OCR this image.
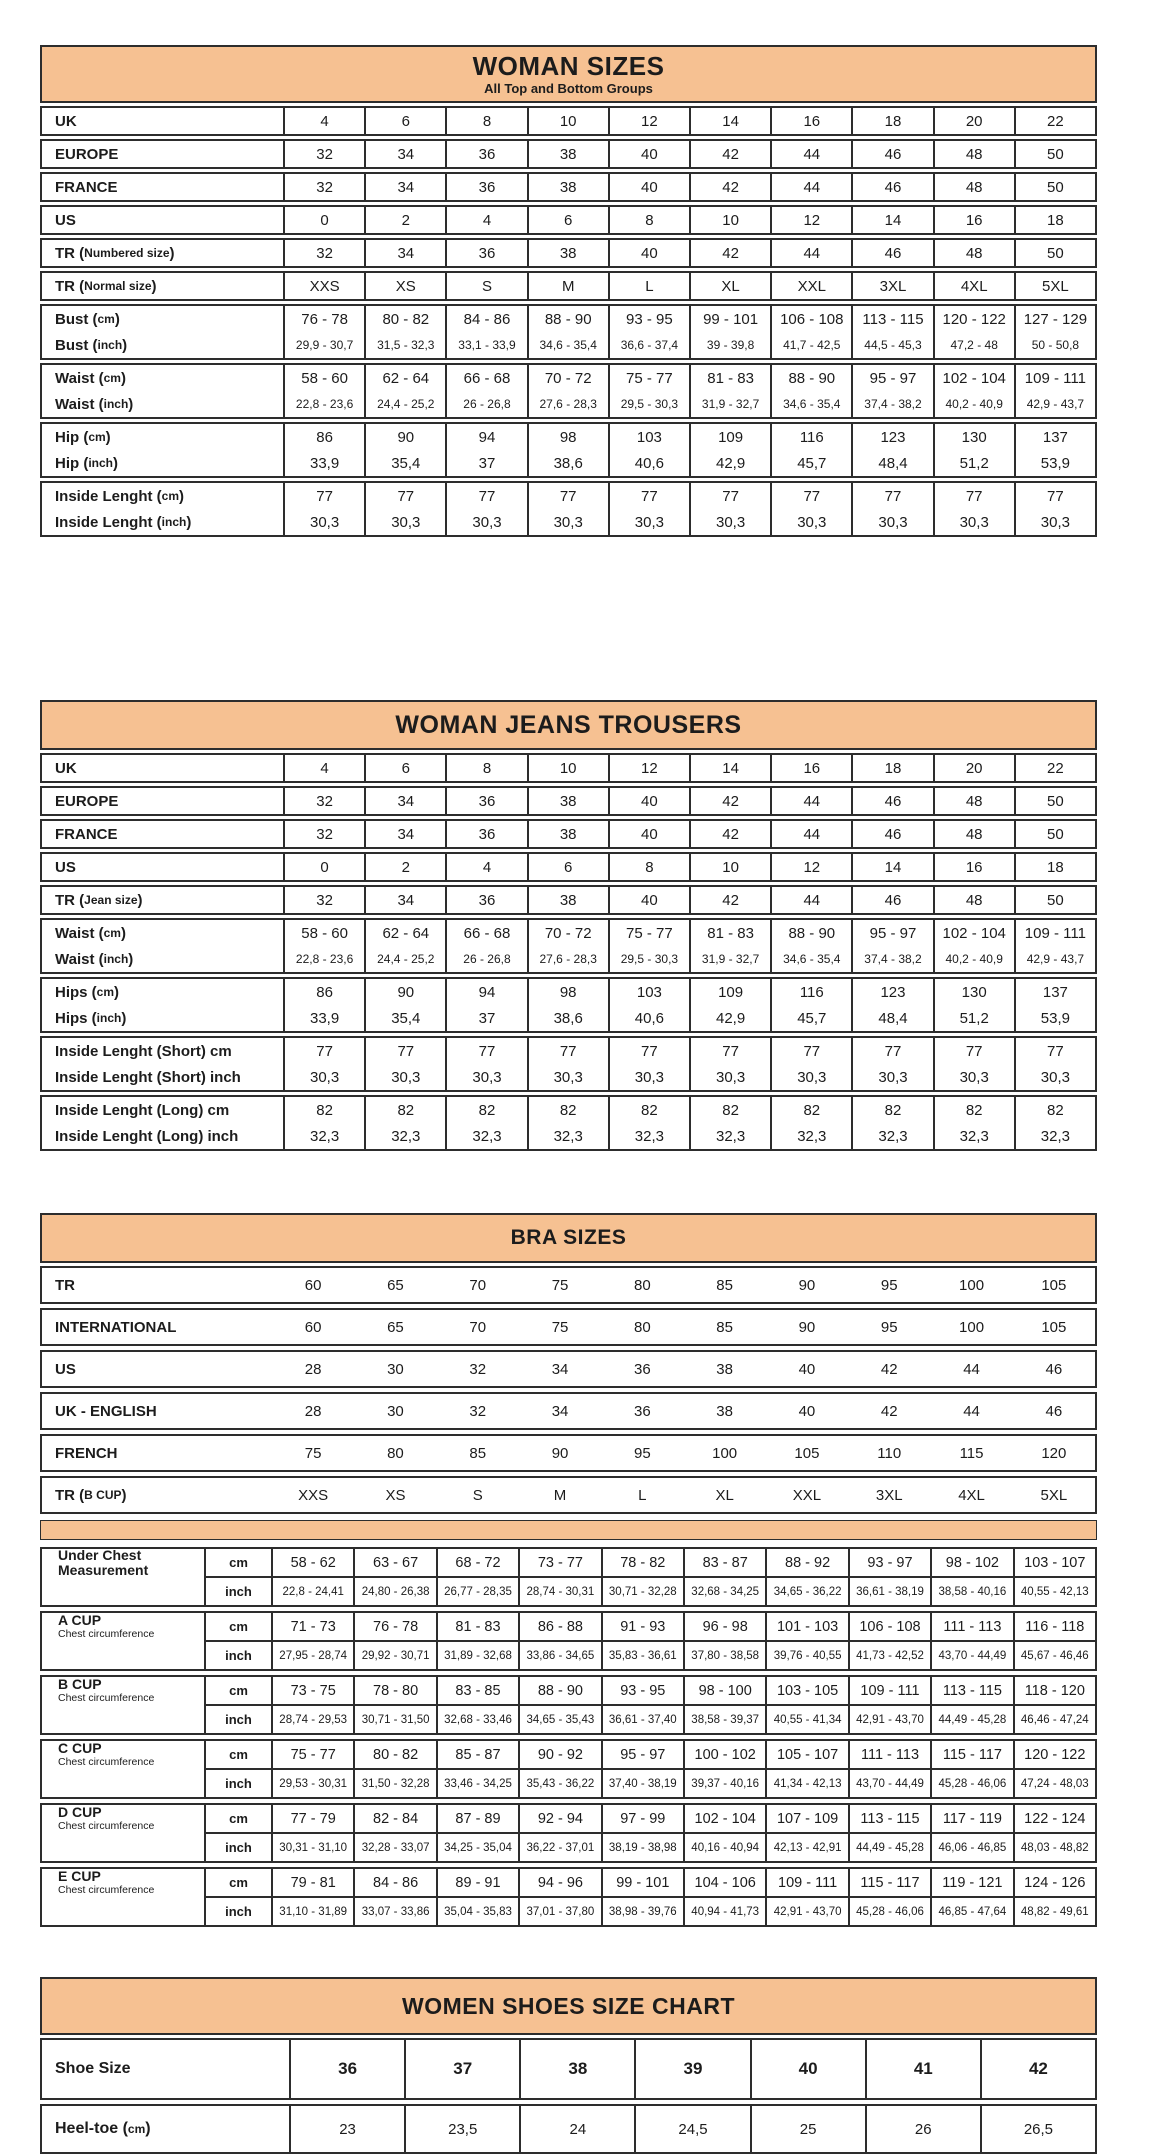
WOMAN SIZES
All Top and Bottom Groups
UK	4	6	8	10	12	14	16	18	20	22
EUROPE	32	34	36	38	40	42	44	46	48	50
FRANCE	32	34	36	38	40	42	44	46	48	50
US	0	2	4	6	8	10	12	14	16	18
TR ( Numbered size )	32	34	36	38	40	42	44	46	48	50
TR ( Normal size )	XXS	XS	S	M	L	XL	XXL	3XL	4XL	5XL
Bust ( cm )	76 - 78	80 - 82	84 - 86	88 - 90	93 - 95	99 - 101	106 - 108	113 - 115	120 - 122	127 - 129
Bust ( inch )	29,9 - 30,7	31,5 - 32,3	33,1 - 33,9	34,6 - 35,4	36,6 - 37,4	39 - 39,8	41,7 - 42,5	44,5 - 45,3	47,2 - 48	50 - 50,8
Waist ( cm )	58 - 60	62 - 64	66 - 68	70 - 72	75 - 77	81 - 83	88 - 90	95 - 97	102 - 104	109 - 111
Waist ( inch )	22,8 - 23,6	24,4 - 25,2	26 - 26,8	27,6 - 28,3	29,5 - 30,3	31,9 - 32,7	34,6 - 35,4	37,4 - 38,2	40,2 - 40,9	42,9 - 43,7
Hip ( cm )	86	90	94	98	103	109	116	123	130	137
Hip ( inch )	33,9	35,4	37	38,6	40,6	42,9	45,7	48,4	51,2	53,9
Inside Lenght ( cm )	77	77	77	77	77	77	77	77	77	77
Inside Lenght ( inch )	30,3	30,3	30,3	30,3	30,3	30,3	30,3	30,3	30,3	30,3
WOMAN JEANS TROUSERS
UK	4	6	8	10	12	14	16	18	20	22
EUROPE	32	34	36	38	40	42	44	46	48	50
FRANCE	32	34	36	38	40	42	44	46	48	50
US	0	2	4	6	8	10	12	14	16	18
TR ( Jean size )	32	34	36	38	40	42	44	46	48	50
Waist ( cm )	58 - 60	62 - 64	66 - 68	70 - 72	75 - 77	81 - 83	88 - 90	95 - 97	102 - 104	109 - 111
Waist ( inch )	22,8 - 23,6	24,4 - 25,2	26 - 26,8	27,6 - 28,3	29,5 - 30,3	31,9 - 32,7	34,6 - 35,4	37,4 - 38,2	40,2 - 40,9	42,9 - 43,7
Hips ( cm )	86	90	94	98	103	109	116	123	130	137
Hips ( inch )	33,9	35,4	37	38,6	40,6	42,9	45,7	48,4	51,2	53,9
Inside Lenght (Short) cm	77	77	77	77	77	77	77	77	77	77
Inside Lenght (Short) inch	30,3	30,3	30,3	30,3	30,3	30,3	30,3	30,3	30,3	30,3
Inside Lenght (Long) cm	82	82	82	82	82	82	82	82	82	82
Inside Lenght (Long) inch	32,3	32,3	32,3	32,3	32,3	32,3	32,3	32,3	32,3	32,3
BRA SIZES
TR	60	65	70	75	80	85	90	95	100	105
INTERNATIONAL	60	65	70	75	80	85	90	95	100	105
US	28	30	32	34	36	38	40	42	44	46
UK - ENGLISH	28	30	32	34	36	38	40	42	44	46
FRENCH	75	80	85	90	95	100	105	110	115	120
TR ( B CUP )	XXS	XS	S	M	L	XL	XXL	3XL	4XL	5XL
Under Chest Measurement	cm	58 - 62	63 - 67	68 - 72	73 - 77	78 - 82	83 - 87	88 - 92	93 - 97	98 - 102	103 - 107
inch	22,8 - 24,41	24,80 - 26,38	26,77 - 28,35	28,74 - 30,31	30,71 - 32,28	32,68 - 34,25	34,65 - 36,22	36,61 - 38,19	38,58 - 40,16	40,55 - 42,13
A CUP
Chest circumference	cm	71 - 73	76 - 78	81 - 83	86 - 88	91 - 93	96 - 98	101 - 103	106 - 108	111 - 113	116 - 118
inch	27,95 - 28,74	29,92 - 30,71	31,89 - 32,68	33,86 - 34,65	35,83 - 36,61	37,80 - 38,58	39,76 - 40,55	41,73 - 42,52	43,70 - 44,49	45,67 - 46,46
B CUP
Chest circumference	cm	73 - 75	78 - 80	83 - 85	88 - 90	93 - 95	98 - 100	103 - 105	109 - 111	113 - 115	118 - 120
inch	28,74 - 29,53	30,71 - 31,50	32,68 - 33,46	34,65 - 35,43	36,61 - 37,40	38,58 - 39,37	40,55 - 41,34	42,91 - 43,70	44,49 - 45,28	46,46 - 47,24
C CUP
Chest circumference	cm	75 - 77	80 - 82	85 - 87	90 - 92	95 - 97	100 - 102	105 - 107	111 - 113	115 - 117	120 - 122
inch	29,53 - 30,31	31,50 - 32,28	33,46 - 34,25	35,43 - 36,22	37,40 - 38,19	39,37 - 40,16	41,34 - 42,13	43,70 - 44,49	45,28 - 46,06	47,24 - 48,03
D CUP
Chest circumference	cm	77 - 79	82 - 84	87 - 89	92 - 94	97 - 99	102 - 104	107 - 109	113 - 115	117 - 119	122 - 124
inch	30,31 - 31,10	32,28 - 33,07	34,25 - 35,04	36,22 - 37,01	38,19 - 38,98	40,16 - 40,94	42,13 - 42,91	44,49 - 45,28	46,06 - 46,85	48,03 - 48,82
E CUP
Chest circumference	cm	79 - 81	84 - 86	89 - 91	94 - 96	99 - 101	104 - 106	109 - 111	115 - 117	119 - 121	124 - 126
inch	31,10 - 31,89	33,07 - 33,86	35,04 - 35,83	37,01 - 37,80	38,98 - 39,76	40,94 - 41,73	42,91 - 43,70	45,28 - 46,06	46,85 - 47,64	48,82 - 49,61
WOMEN SHOES SIZE CHART
Shoe Size	36	37	38	39	40	41	42
Heel-toe ( cm )	23	23,5	24	24,5	25	26	26,5
